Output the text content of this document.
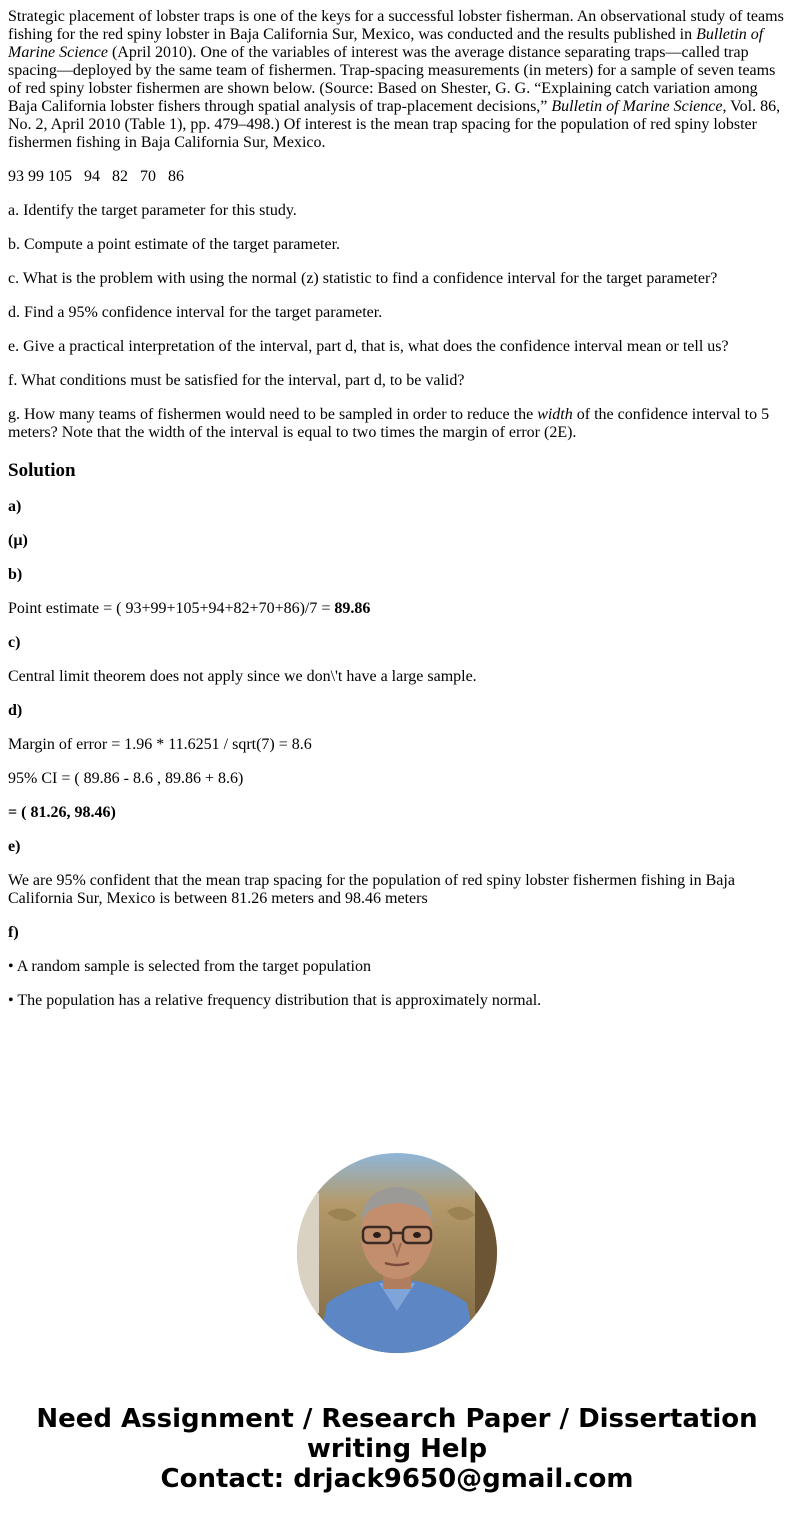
Strategic placement of lobster traps is one of the keys for a successful lobster fisherman. An observational study of teams fishing for the red spiny lobster in Baja California Sur, Mexico, was conducted and the results published in Bulletin of Marine Science (April 2010). One of the variables of interest was the average distance separating traps—called trap spacing—deployed by the same team of fishermen. Trap-spacing measurements (in meters) for a sample of seven teams of red spiny lobster fishermen are shown below. (Source: Based on Shester, G. G. “Explaining catch variation among Baja California lobster fishers through spatial analysis of trap-placement decisions,” Bulletin of Marine Science, Vol. 86, No. 2, April 2010 (Table 1), pp. 479–498.) Of interest is the mean trap spacing for the population of red spiny lobster fishermen fishing in Baja California Sur, Mexico.

93 99 105   94   82   70   86

a. Identify the target parameter for this study.

b. Compute a point estimate of the target parameter.

c. What is the problem with using the normal (z) statistic to find a confidence interval for the target parameter?

d. Find a 95% confidence interval for the target parameter.

e. Give a practical interpretation of the interval, part d, that is, what does the confidence interval mean or tell us?

f. What conditions must be satisfied for the interval, part d, to be valid?

g. How many teams of fishermen would need to be sampled in order to reduce the width of the confidence interval to 5 meters? Note that the width of the interval is equal to two times the margin of error (2E).

Solution

a)

(µ)

b)

Point estimate = ( 93+99+105+94+82+70+86)/7 = 89.86

c)

Central limit theorem does not apply since we don\'t have a large sample.

d)

Margin of error = 1.96 * 11.6251 / sqrt(7) = 8.6

95% CI = ( 89.86 - 8.6 , 89.86 + 8.6)

= ( 81.26, 98.46)

e)

We are 95% confident that the mean trap spacing for the population of red spiny lobster fishermen fishing in Baja California Sur, Mexico is between 81.26 meters and 98.46 meters

f)

• A random sample is selected from the target population

• The population has a relative frequency distribution that is approximately normal.

Need Assignment / Research Paper / Dissertation
writing Help
Contact: drjack9650@gmail.com
